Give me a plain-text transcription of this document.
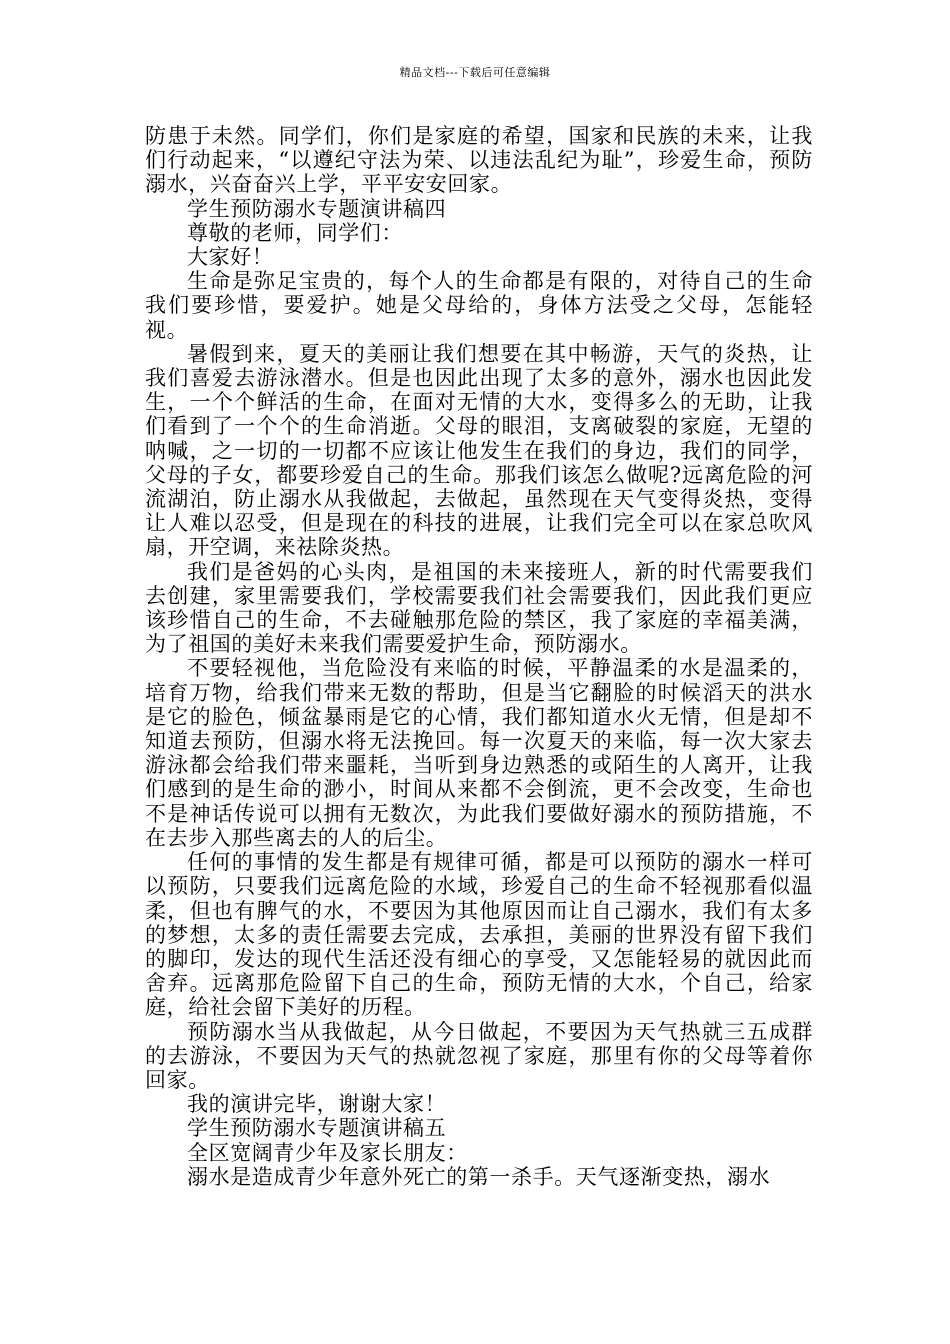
精品文档---下载后可任意编辑

防患于未然。同学们，你们是家庭的希望，国家和民族的未来，让我们行动起来，“以遵纪守法为荣、以违法乱纪为耻”，珍爱生命，预防溺水，兴奋奋兴上学，平平安安回家。

学生预防溺水专题演讲稿四

尊敬的老师，同学们：

大家好！

生命是弥足宝贵的，每个人的生命都是有限的，对待自己的生命我们要珍惜，要爱护。她是父母给的，身体方法受之父母，怎能轻视。

暑假到来，夏天的美丽让我们想要在其中畅游，天气的炎热，让我们喜爱去游泳潜水。但是也因此出现了太多的意外，溺水也因此发生，一个个鲜活的生命，在面对无情的大水，变得多么的无助，让我们看到了一个个的生命消逝。父母的眼泪，支离破裂的家庭，无望的呐喊，之一切的一切都不应该让他发生在我们的身边，我们的同学，父母的子女，都要珍爱自己的生命。那我们该怎么做呢?远离危险的河流湖泊，防止溺水从我做起，去做起，虽然现在天气变得炎热，变得让人难以忍受，但是现在的科技的进展，让我们完全可以在家总吹风扇，开空调，来祛除炎热。

我们是爸妈的心头肉，是祖国的未来接班人，新的时代需要我们去创建，家里需要我们，学校需要我们社会需要我们，因此我们更应该珍惜自己的生命，不去碰触那危险的禁区，我了家庭的幸福美满，为了祖国的美好未来我们需要爱护生命，预防溺水。

不要轻视他，当危险没有来临的时候，平静温柔的水是温柔的，培育万物，给我们带来无数的帮助，但是当它翻脸的时候滔天的洪水是它的脸色，倾盆暴雨是它的心情，我们都知道水火无情，但是却不知道去预防，但溺水将无法挽回。每一次夏天的来临，每一次大家去游泳都会给我们带来噩耗，当听到身边熟悉的或陌生的人离开，让我们感到的是生命的渺小，时间从来都不会倒流，更不会改变，生命也不是神话传说可以拥有无数次，为此我们要做好溺水的预防措施，不在去步入那些离去的人的后尘。

任何的事情的发生都是有规律可循，都是可以预防的溺水一样可以预防，只要我们远离危险的水域，珍爱自己的生命不轻视那看似温柔，但也有脾气的水，不要因为其他原因而让自己溺水，我们有太多的梦想，太多的责任需要去完成，去承担，美丽的世界没有留下我们的脚印，发达的现代生活还没有细心的享受，又怎能轻易的就因此而舍弃。远离那危险留下自己的生命，预防无情的大水，个自己，给家庭，给社会留下美好的历程。

预防溺水当从我做起，从今日做起，不要因为天气热就三五成群的去游泳，不要因为天气的热就忽视了家庭，那里有你的父母等着你回家。

我的演讲完毕，谢谢大家！

学生预防溺水专题演讲稿五

全区宽阔青少年及家长朋友：

溺水是造成青少年意外死亡的第一杀手。天气逐渐变热，溺水
